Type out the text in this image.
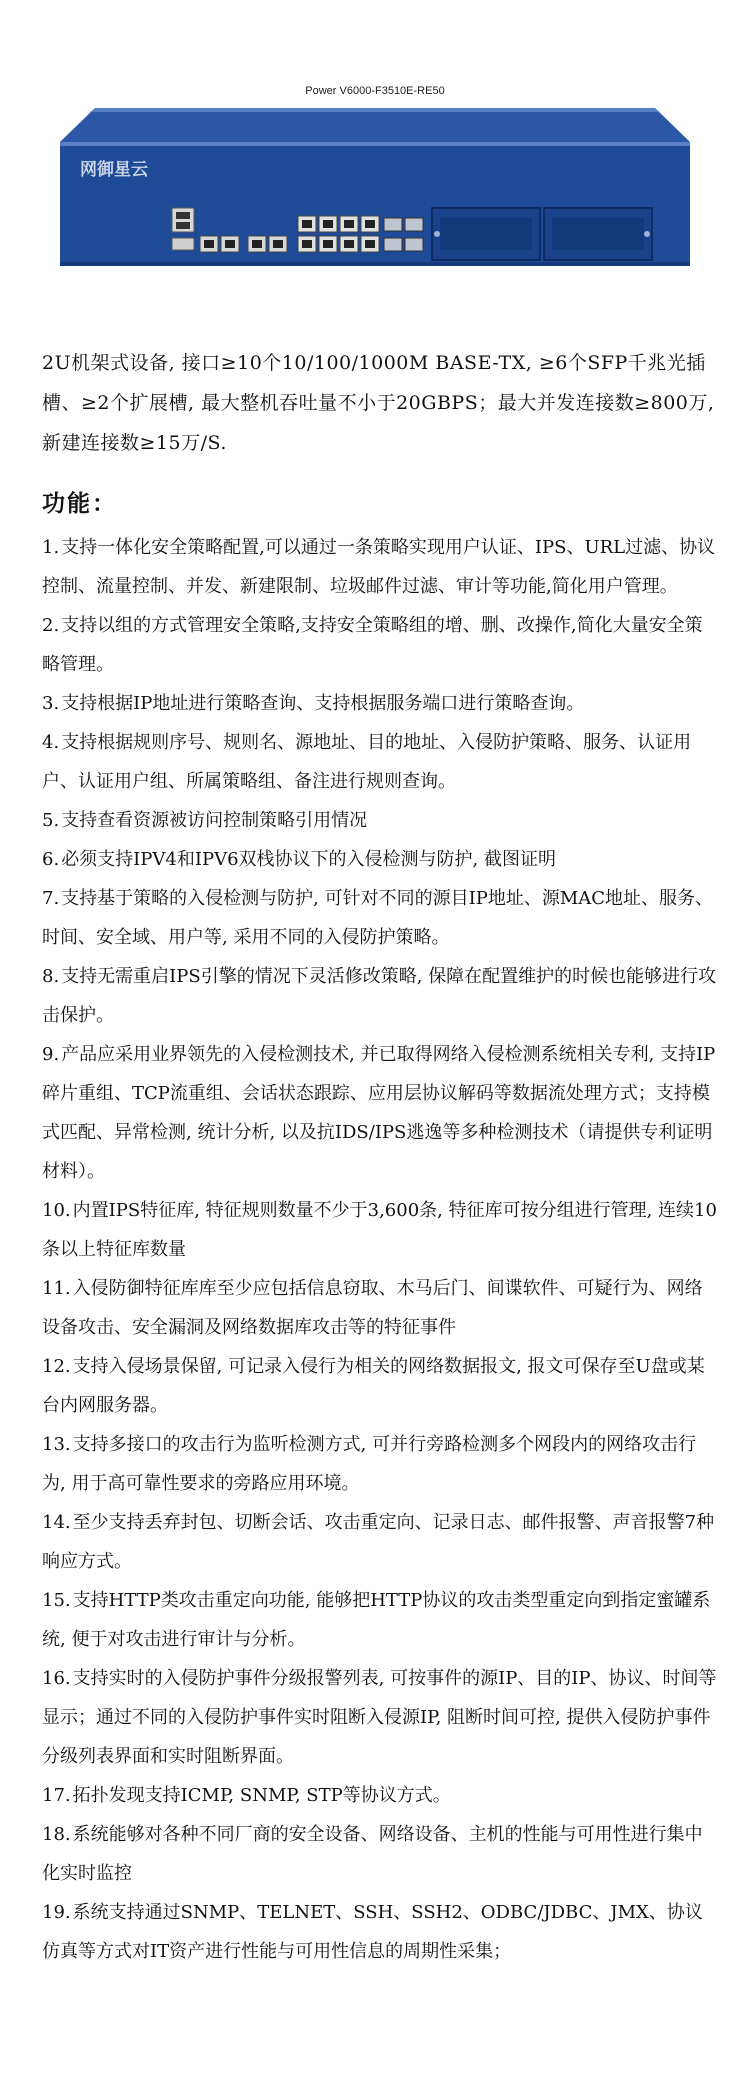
Power V6000-F3510E-RE50
网御星云

2U机架式设备, 接口≥10个10/100/1000M BASE-TX, ≥6个SFP千兆光插槽、≥2个扩展槽, 最大整机吞吐量不小于20GBPS；最大并发连接数≥800万, 新建连接数≥15万/S.

功能：
1. 支持一体化安全策略配置,可以通过一条策略实现用户认证、IPS、URL过滤、协议控制、流量控制、并发、新建限制、垃圾邮件过滤、审计等功能,简化用户管理。
2. 支持以组的方式管理安全策略,支持安全策略组的增、删、改操作,简化大量安全策略管理。
3. 支持根据IP地址进行策略查询、支持根据服务端口进行策略查询。
4. 支持根据规则序号、规则名、源地址、目的地址、入侵防护策略、服务、认证用户、认证用户组、所属策略组、备注进行规则查询。
5. 支持查看资源被访问控制策略引用情况
6. 必须支持IPV4和IPV6双栈协议下的入侵检测与防护, 截图证明
7. 支持基于策略的入侵检测与防护, 可针对不同的源目IP地址、源MAC地址、服务、时间、安全域、用户等, 采用不同的入侵防护策略。
8. 支持无需重启IPS引擎的情况下灵活修改策略, 保障在配置维护的时候也能够进行攻击保护。
9. 产品应采用业界领先的入侵检测技术, 并已取得网络入侵检测系统相关专利, 支持IP碎片重组、TCP流重组、会话状态跟踪、应用层协议解码等数据流处理方式；支持模式匹配、异常检测, 统计分析, 以及抗IDS/IPS逃逸等多种检测技术（请提供专利证明材料）。
10. 内置IPS特征库, 特征规则数量不少于3,600条, 特征库可按分组进行管理, 连续10条以上特征库数量
11. 入侵防御特征库库至少应包括信息窃取、木马后门、间谍软件、可疑行为、网络设备攻击、安全漏洞及网络数据库攻击等的特征事件
12. 支持入侵场景保留, 可记录入侵行为相关的网络数据报文, 报文可保存至U盘或某台内网服务器。
13. 支持多接口的攻击行为监听检测方式, 可并行旁路检测多个网段内的网络攻击行为, 用于高可靠性要求的旁路应用环境。
14. 至少支持丢弃封包、切断会话、攻击重定向、记录日志、邮件报警、声音报警7种响应方式。
15. 支持HTTP类攻击重定向功能, 能够把HTTP协议的攻击类型重定向到指定蜜罐系统, 便于对攻击进行审计与分析。
16. 支持实时的入侵防护事件分级报警列表, 可按事件的源IP、目的IP、协议、时间等显示；通过不同的入侵防护事件实时阻断入侵源IP, 阻断时间可控, 提供入侵防护事件分级列表界面和实时阻断界面。
17. 拓扑发现支持ICMP, SNMP, STP等协议方式。
18. 系统能够对各种不同厂商的安全设备、网络设备、主机的性能与可用性进行集中化实时监控
19. 系统支持通过SNMP、TELNET、SSH、SSH2、ODBC/JDBC、JMX、协议仿真等方式对IT资产进行性能与可用性信息的周期性采集；
